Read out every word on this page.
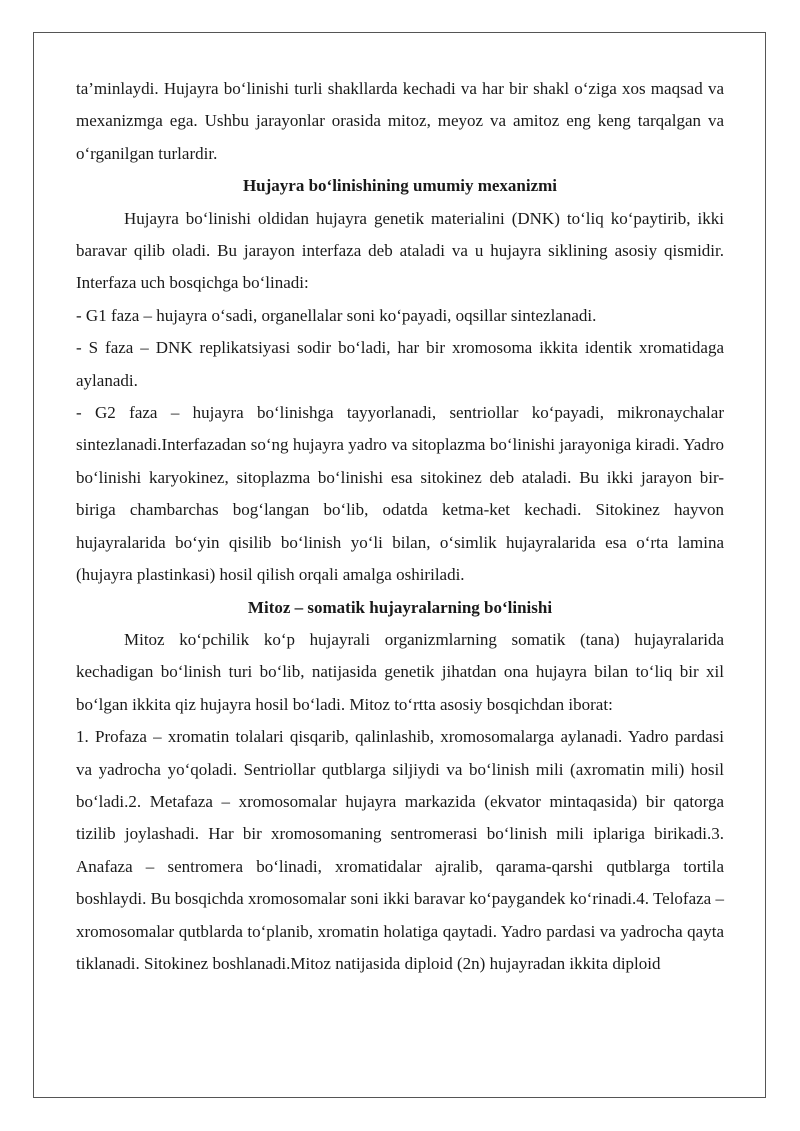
ta’minlaydi. Hujayra bo‘linishi turli shakllarda kechadi va har bir shakl o‘ziga xos maqsad va mexanizmga ega. Ushbu jarayonlar orasida mitoz, meyoz va amitoz eng keng tarqalgan va o‘rganilgan turlardir.

Hujayra bo‘linishining umumiy mexanizmi

Hujayra bo‘linishi oldidan hujayra genetik materialini (DNK) to‘liq ko‘paytirib, ikki baravar qilib oladi. Bu jarayon interfaza deb ataladi va u hujayra siklining asosiy qismidir. Interfaza uch bosqichga bo‘linadi:

- G1 faza – hujayra o‘sadi, organellalar soni ko‘payadi, oqsillar sintezlanadi.

- S faza – DNK replikatsiyasi sodir bo‘ladi, har bir xromosoma ikkita identik xromatidaga aylanadi.

- G2 faza – hujayra bo‘linishga tayyorlanadi, sentriollar ko‘payadi, mikronaychalar sintezlanadi.Interfazadan so‘ng hujayra yadro va sitoplazma bo‘linishi jarayoniga kiradi. Yadro bo‘linishi karyokinez, sitoplazma bo‘linishi esa sitokinez deb ataladi. Bu ikki jarayon bir-biriga chambarchas bog‘langan bo‘lib, odatda ketma-ket kechadi. Sitokinez hayvon hujayralarida bo‘yin qisilib bo‘linish yo‘li bilan, o‘simlik hujayralarida esa o‘rta lamina (hujayra plastinkasi) hosil qilish orqali amalga oshiriladi.

Mitoz – somatik hujayralarning bo‘linishi

Mitoz ko‘pchilik ko‘p hujayrali organizmlarning somatik (tana) hujayralarida kechadigan bo‘linish turi bo‘lib, natijasida genetik jihatdan ona hujayra bilan to‘liq bir xil bo‘lgan ikkita qiz hujayra hosil bo‘ladi. Mitoz to‘rtta asosiy bosqichdan iborat:

1. Profaza – xromatin tolalari qisqarib, qalinlashib, xromosomalarga aylanadi. Yadro pardasi va yadrocha yo‘qoladi. Sentriollar qutblarga siljiydi va bo‘linish mili (axromatin mili) hosil bo‘ladi.2. Metafaza – xromosomalar hujayra markazida (ekvator mintaqasida) bir qatorga tizilib joylashadi. Har bir xromosomaning sentromerasi bo‘linish mili iplariga birikadi.3. Anafaza – sentromera bo‘linadi, xromatidalar ajralib, qarama-qarshi qutblarga tortila boshlaydi. Bu bosqichda xromosomalar soni ikki baravar ko‘paygandek ko‘rinadi.4. Telofaza – xromosomalar qutblarda to‘planib, xromatin holatiga qaytadi. Yadro pardasi va yadrocha qayta tiklanadi. Sitokinez boshlanadi.Mitoz natijasida diploid (2n) hujayradan ikkita diploid
